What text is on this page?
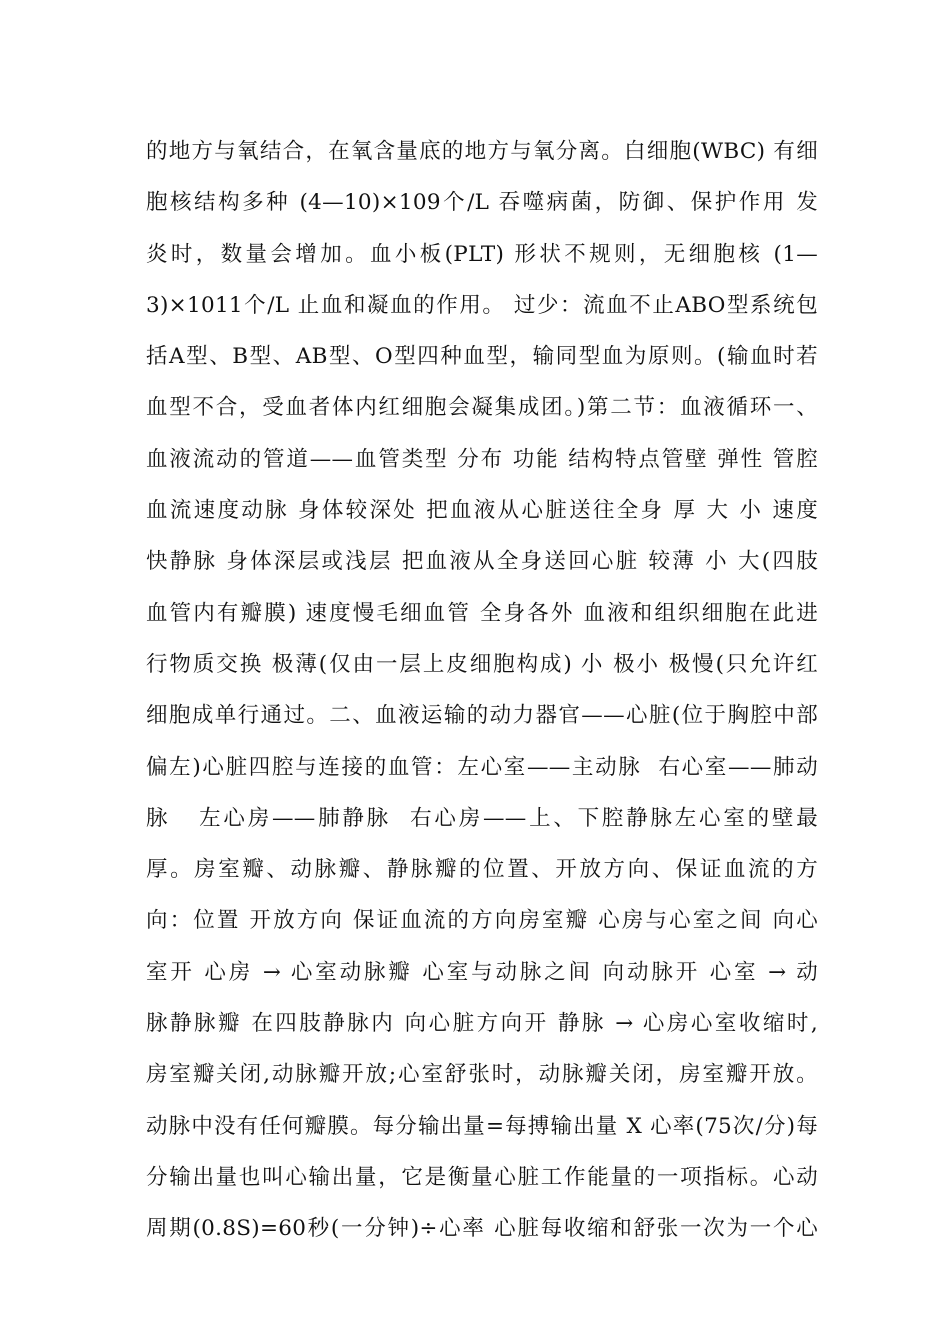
的地方与氧结合，在氧含量底的地方与氧分离。白细胞(WBC) 有细
胞核结构多种 (4—10)×109个/L 吞噬病菌，防御、保护作用 发
炎时，数量会增加。血小板(PLT) 形状不规则，无细胞核 (1—
3)×1011个/L 止血和凝血的作用。 过少：流血不止ABO型系统包
括A型、B型、AB型、O型四种血型，输同型血为原则。(输血时若
血型不合，受血者体内红细胞会凝集成团。)第二节：血液循环一、
血液流动的管道——血管类型 分布 功能 结构特点管壁 弹性 管腔
血流速度动脉 身体较深处 把血液从心脏送往全身 厚 大 小 速度
快静脉 身体深层或浅层 把血液从全身送回心脏 较薄 小 大(四肢
血管内有瓣膜) 速度慢毛细血管 全身各外 血液和组织细胞在此进
行物质交换 极薄(仅由一层上皮细胞构成) 小 极小 极慢(只允许红
细胞成单行通过。二、血液运输的动力器官——心脏(位于胸腔中部
偏左)心脏四腔与连接的血管：左心室——主动脉  右心室——肺动
脉   左心房——肺静脉  右心房——上、下腔静脉左心室的壁最
厚。房室瓣、动脉瓣、静脉瓣的位置、开放方向、保证血流的方
向：位置 开放方向 保证血流的方向房室瓣 心房与心室之间 向心
室开 心房 → 心室动脉瓣 心室与动脉之间 向动脉开 心室 → 动
脉静脉瓣 在四肢静脉内 向心脏方向开 静脉 → 心房心室收缩时,
房室瓣关闭,动脉瓣开放;心室舒张时，动脉瓣关闭，房室瓣开放。
动脉中没有任何瓣膜。每分输出量=每搏输出量 X 心率(75次/分)每
分输出量也叫心输出量，它是衡量心脏工作能量的一项指标。心动
周期(0.8S)=60秒(一分钟)÷心率 心脏每收缩和舒张一次为一个心
